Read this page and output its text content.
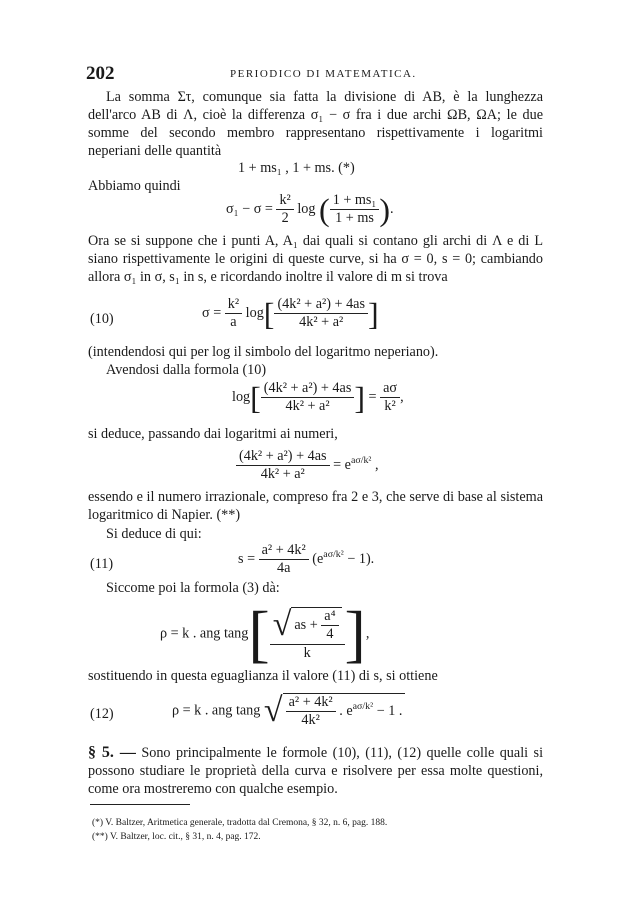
202	PERIODICO DI MATEMATICA.
La somma Στ, comunque sia fatta la divisione di AB, è la lunghezza dell'arco AB di Λ, cioè la differenza σ₁ − σ fra i due archi ΩB, ΩA; le due somme del secondo membro rappresentano rispettivamente i logaritmi neperiani delle quantità
1 + ms₁ , 1 + ms. (*)
Abbiamo quindi
$\sigma_1 - \sigma = \frac{\text{k²}}{2}$ log ( $\frac{\text{1 + ms₁}}{1 + ms}$ ).
Ora se si suppone che i punti A, A₁ dai quali si contano gli archi di Λ e di L siano rispettivamente le origini di queste curve, si ha σ = 0, s = 0; cambiando allora σ₁ in σ, s₁ in s, e ricordando inoltre il valore di m si trova
(10)	$\sigma = \frac{\text{k²}}{a} \log[ \frac{\text{(4k² + a²) + 4as}}{\text{4k² + a²}}$ ]
(intendendosi qui per log il simbolo del logaritmo neperiano).
Avendosi dalla formola (10)
$\log[ \frac{\text{(4k² + a²) + 4as}}{\text{4k² + a²}}$ ] = $\frac{a\sigma}{\text{k²}}$ ,
si deduce, passando dai logaritmi ai numeri,
$\frac{\text{(4k² + a²) + 4as}}{\text{4k² + a²}} = e^{a\sigma/k^2}$ ,
essendo e il numero irrazionale, compreso fra 2 e 3, che serve di base al sistema logaritmico di Napier. (**)
Si deduce di qui:
(11)	$s = \frac{\text{a² + 4k²}}{4a} (e^{a\sigma/k^2} - 1)$.
Siccome poi la formola (3) dà:
ρ = k . ang $\tan g[ \frac{√ as + \frac{\text{a⁴}}{4}}{k}$ ],
sostituendo in questa eguaglianza il valore (11) di s, si ottiene
(12)	ρ = k . ang tang √ $\frac{\text{a² + 4k²}}{\text{4k²}}$ . $e^{a\sigma/k^2} - 1$ .
§ 5. — Sono principalmente le formole (10), (11), (12) quelle colle quali si possono studiare le proprietà della curva e risolvere per essa molte questioni, come ora mostreremo con qualche esempio.
(*) V. Baltzer, Aritmetica generale, tradotta dal Cremona, § 32, n. 6, pag. 188.
(**) V. Baltzer, loc. cit., § 31, n. 4, pag. 172.
